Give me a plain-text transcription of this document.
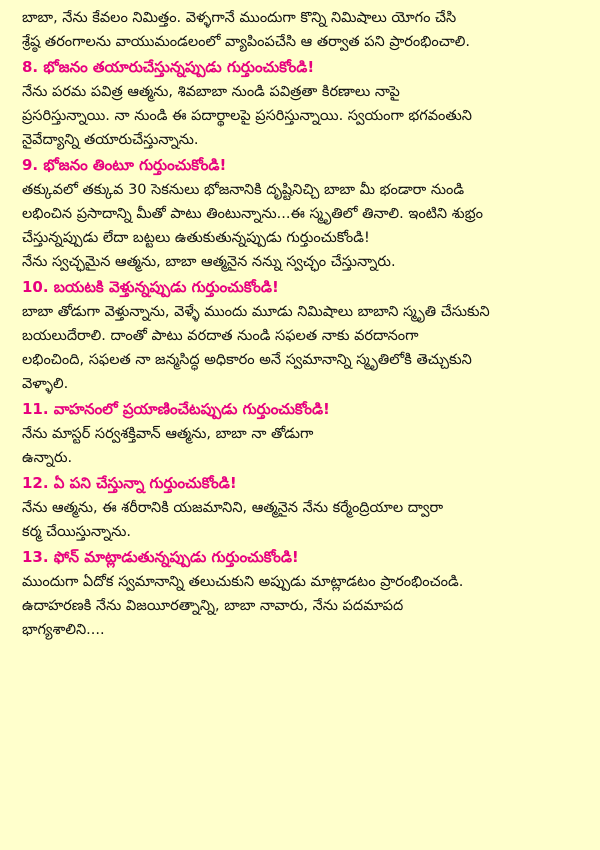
బాబా, నేను కేవలం నిమిత్తం. వెళ్ళగానే ముందుగా కొన్ని నిమిషాలు యోగం చేసి
శ్రేష్ఠ తరంగాలను వాయుమండలంలో వ్యాపింపచేసి ఆ తర్వాత పని ప్రారంభించాలి.
8. భోజనం తయారుచేస్తున్నప్పుడు గుర్తుంచుకోండి!
నేను పరమ పవిత్ర ఆత్మను, శివబాబా నుండి పవిత్రతా కిరణాలు నాపై
ప్రసరిస్తున్నాయి. నా నుండి ఈ పదార్థాలపై ప్రసరిస్తున్నాయి. స్వయంగా భగవంతుని
నైవేద్యాన్ని తయారుచేస్తున్నాను.
9. భోజనం తింటూ గుర్తుంచుకోండి!
తక్కువలో తక్కువ 30 సెకనులు భోజనానికి దృష్టినిచ్చి బాబా మీ భండారా నుండి
లభించిన ప్రసాదాన్ని మీతో పాటు తింటున్నాను...ఈ స్మృతిలో తినాలి. ఇంటిని శుభ్రం
చేస్తున్నప్పుడు లేదా బట్టలు ఉతుకుతున్నప్పుడు గుర్తుంచుకోండి!
నేను స్వచ్ఛమైన ఆత్మను, బాబా ఆత్మనైన నన్ను స్వచ్ఛం చేస్తున్నారు.
10. బయటకి వెళ్తున్నప్పుడు గుర్తుంచుకోండి!
బాబా తోడుగా వెళ్తున్నాను, వెళ్ళే ముందు మూడు నిమిషాలు బాబాని స్మృతి చేసుకుని
బయలుదేరాలి. దాంతో పాటు వరదాత నుండి సఫలత నాకు వరదానంగా
లభించింది, సఫలత నా జన్మసిద్ధ అధికారం అనే స్వమానాన్ని స్మృతిలోకి తెచ్చుకుని
వెళ్ళాలి.
11. వాహనంలో ప్రయాణించేటప్పుడు గుర్తుంచుకోండి!
నేను మాస్టర్ సర్వశక్తివాన్ ఆత్మను, బాబా నా తోడుగా
ఉన్నారు.
12. ఏ పని చేస్తున్నా గుర్తుంచుకోండి!
నేను ఆత్మను, ఈ శరీరానికి యజమానిని, ఆత్మనైన నేను కర్మేంద్రియాల ద్వారా
కర్మ చేయిస్తున్నాను.
13. ఫోన్ మాట్లాడుతున్నప్పుడు గుర్తుంచుకోండి!
ముందుగా ఏదోక స్వమానాన్ని తలుచుకుని అప్పుడు మాట్లాడటం ప్రారంభించండి.
ఉదాహరణకి నేను విజయీరత్నాన్ని, బాబా నావారు, నేను పదమాపద
భాగ్యశాలిని....
